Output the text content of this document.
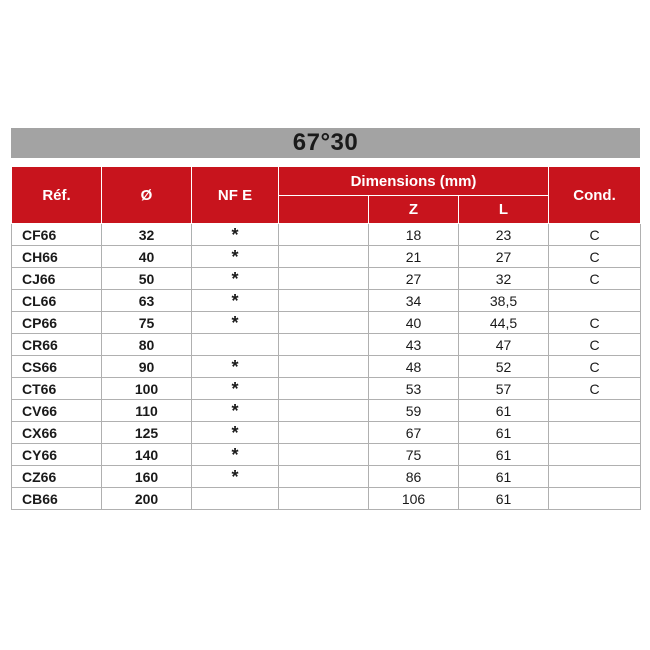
67°30
Réf.	Ø	NF E	Dimensions (mm)			Cond.
				Z	L	
CF66	32	*		18	23	C
CH66	40	*		21	27	C
CJ66	50	*		27	32	C
CL66	63	*		34	38,5	
CP66	75	*		40	44,5	C
CR66	80			43	47	C
CS66	90	*		48	52	C
CT66	100	*		53	57	C
CV66	110	*		59	61	
CX66	125	*		67	61	
CY66	140	*		75	61	
CZ66	160	*		86	61	
CB66	200			106	61	
